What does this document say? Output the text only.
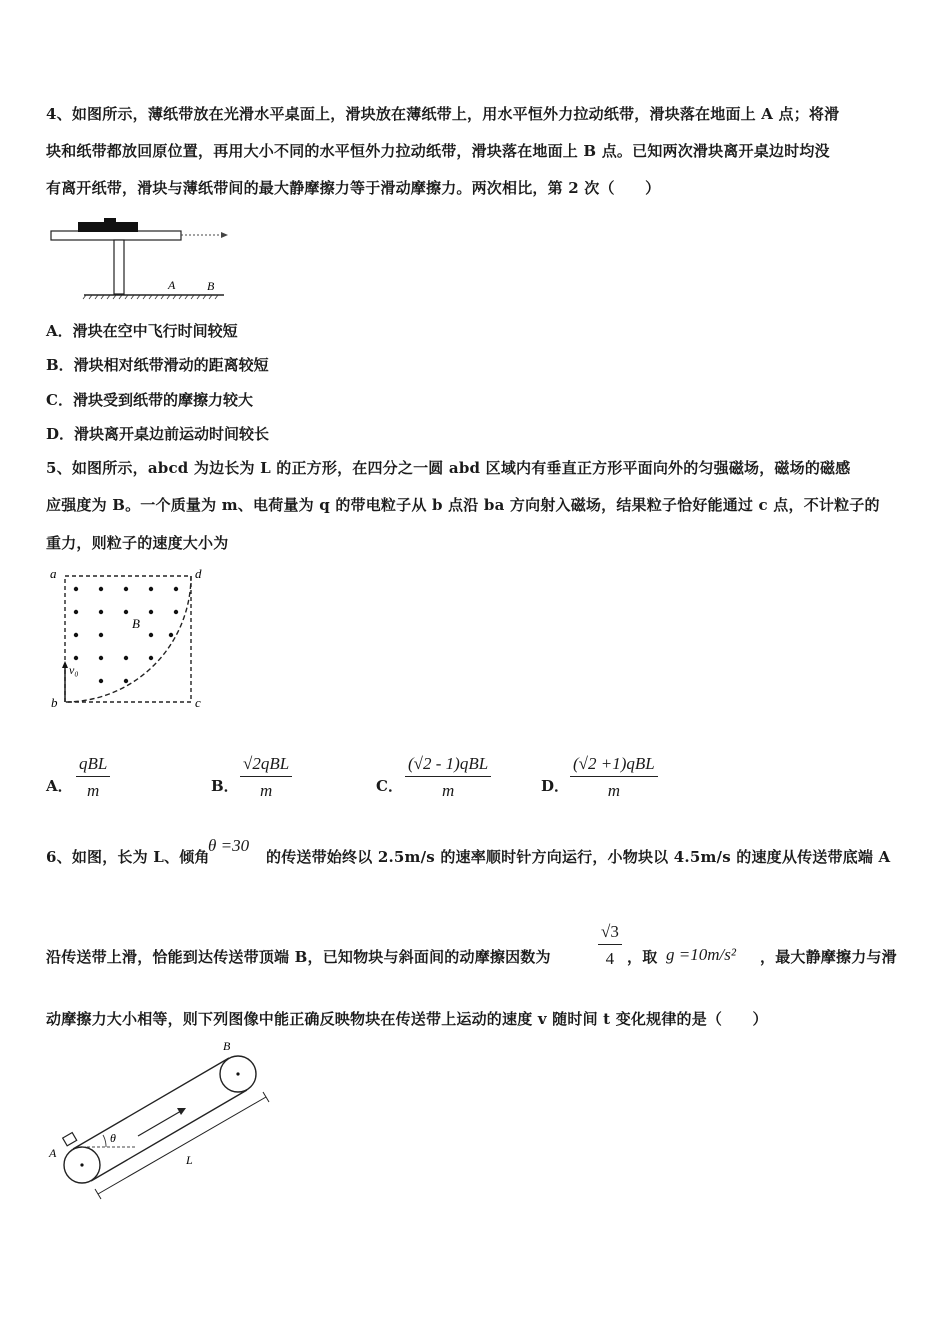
4、如图所示，薄纸带放在光滑水平桌面上，滑块放在薄纸带上，用水平恒外力拉动纸带，滑块落在地面上 A 点；将滑
块和纸带都放回原位置，再用大小不同的水平恒外力拉动纸带，滑块落在地面上 B 点。已知两次滑块离开桌边时均没
有离开纸带，滑块与薄纸带间的最大静摩擦力等于滑动摩擦力。两次相比，第 2 次（　　）
A	B
A．滑块在空中飞行时间较短
B．滑块相对纸带滑动的距离较短
C．滑块受到纸带的摩擦力较大
D．滑块离开桌边前运动时间较长
5、如图所示，abcd 为边长为 L 的正方形，在四分之一圆 abd 区域内有垂直正方形平面向外的匀强磁场，磁场的磁感
应强度为 B。一个质量为 m、电荷量为 q 的带电粒子从 b 点沿 ba 方向射入磁场，结果粒子恰好能通过 c 点，不计粒子的
重力，则粒子的速度大小为
a	d
b	c
B
v₀
A．
qBL
m	B．
√2qBL
m	C．
(√2 - 1)qBL
m	D．
(√2 +1)qBL
m
6、如图，长为 L、倾角
θ =30
的传送带始终以 2.5m/s 的速率顺时针方向运行，小物块以 4.5m/s 的速度从传送带底端 A
沿传送带上滑，恰能到达传送带顶端 B，已知物块与斜面间的动摩擦因数为	$\frac{√3}{4}$ ，取 g =10m/s² ，最大静摩擦力与滑
动摩擦力大小相等，则下列图像中能正确反映物块在传送带上运动的速度 v 随时间 t 变化规律的是（　　）
A
B
θ
L
